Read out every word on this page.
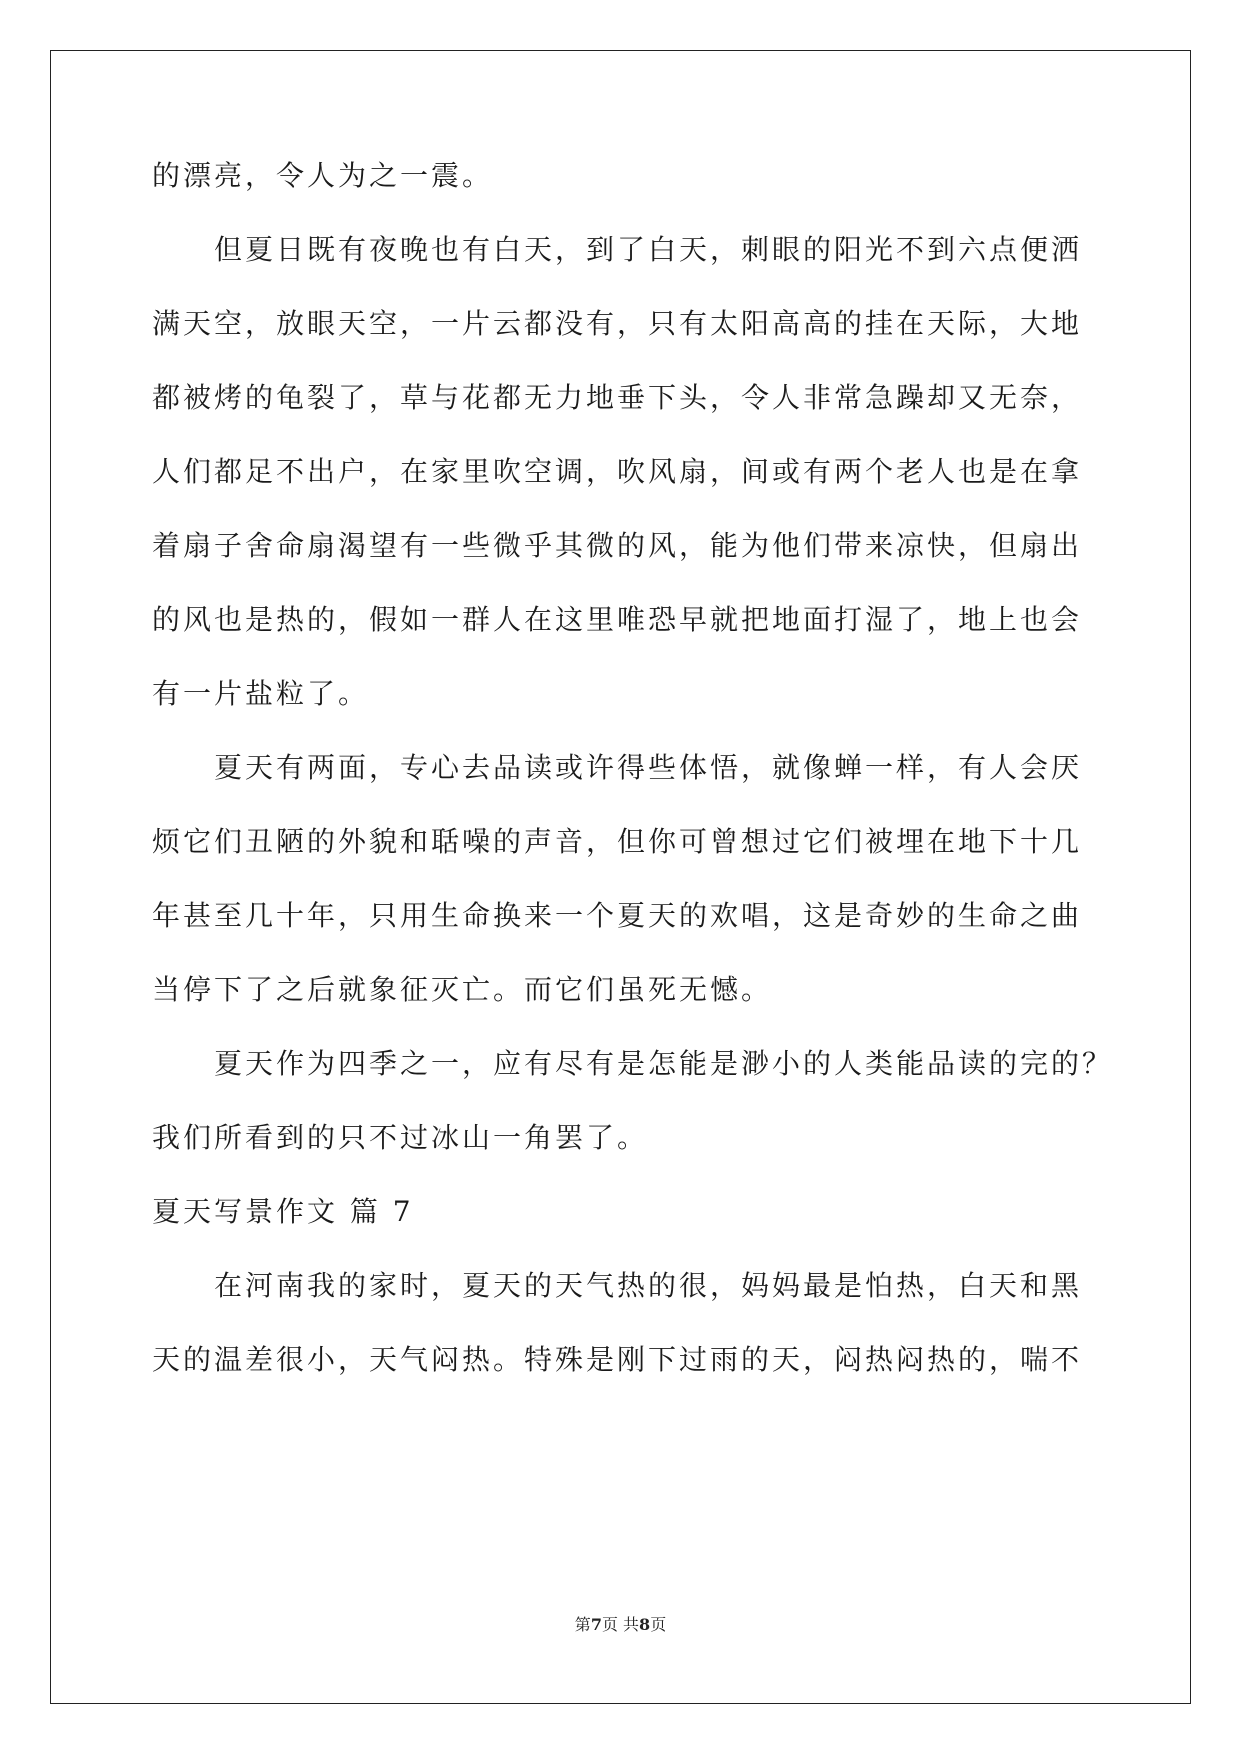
的漂亮，令人为之一震。

　　但夏日既有夜晚也有白天，到了白天，刺眼的阳光不到六点便洒

满天空，放眼天空，一片云都没有，只有太阳高高的挂在天际，大地

都被烤的龟裂了，草与花都无力地垂下头，令人非常急躁却又无奈，

人们都足不出户，在家里吹空调，吹风扇，间或有两个老人也是在拿

着扇子舍命扇渴望有一些微乎其微的风，能为他们带来凉快，但扇出

的风也是热的，假如一群人在这里唯恐早就把地面打湿了，地上也会

有一片盐粒了。

　　夏天有两面，专心去品读或许得些体悟，就像蝉一样，有人会厌

烦它们丑陋的外貌和聒噪的声音，但你可曾想过它们被埋在地下十几

年甚至几十年，只用生命换来一个夏天的欢唱，这是奇妙的生命之曲

当停下了之后就象征灭亡。而它们虽死无憾。

　　夏天作为四季之一，应有尽有是怎能是渺小的人类能品读的完的？

我们所看到的只不过冰山一角罢了。

夏天写景作文 篇 7

　　在河南我的家时，夏天的天气热的很，妈妈最是怕热，白天和黑

天的温差很小，天气闷热。特殊是刚下过雨的天，闷热闷热的，喘不

第7页 共8页
